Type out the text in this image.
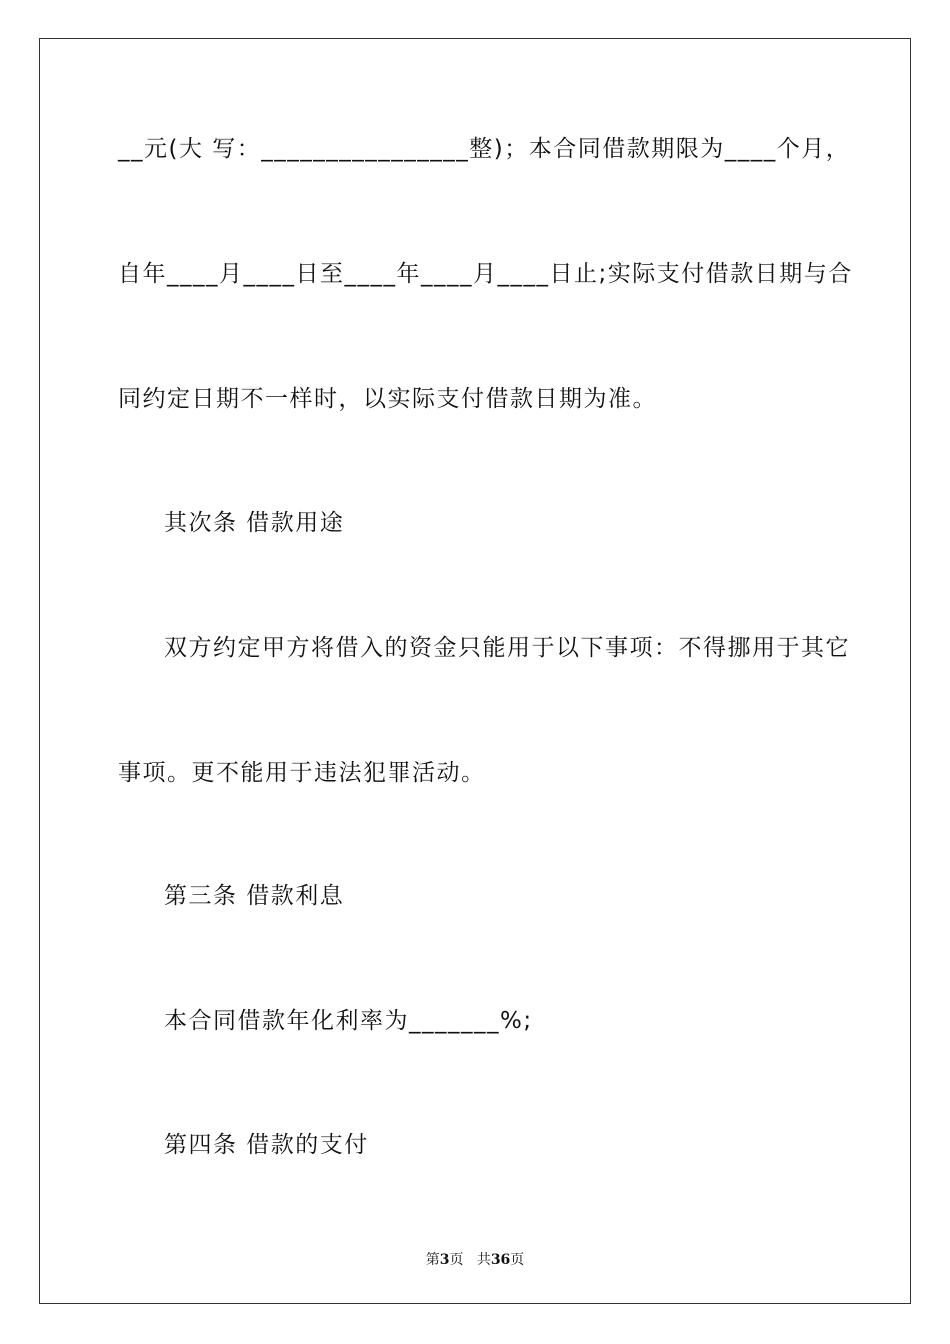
__元(大 写：________________整)；本合同借款期限为____个月，
自年____月____日至____年____月____日止;实际支付借款日期与合
同约定日期不一样时，以实际支付借款日期为准。
其次条 借款用途
双方约定甲方将借入的资金只能用于以下事项：不得挪用于其它
事项。更不能用于违法犯罪活动。
第三条 借款利息
本合同借款年化利率为_______%;
第四条 借款的支付
第3页 共36页
